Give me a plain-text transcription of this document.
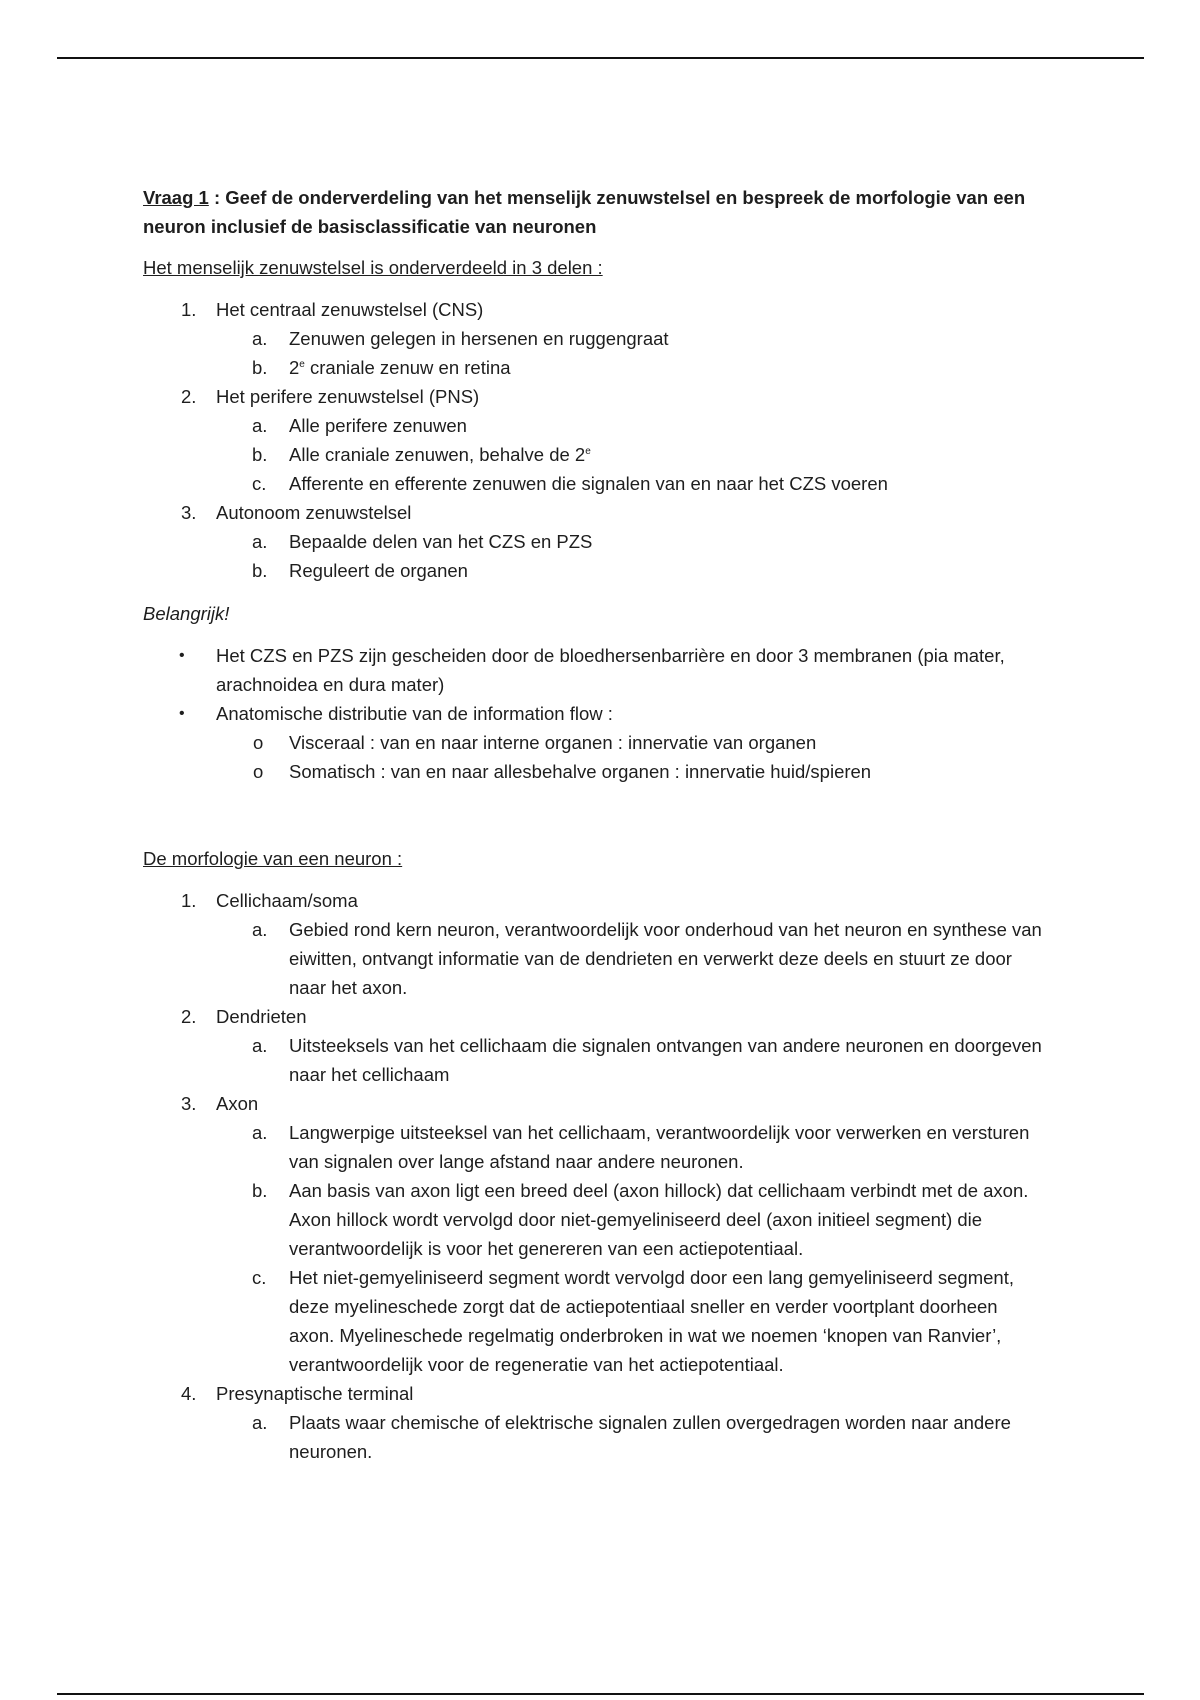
Vraag 1 : Geef de onderverdeling van het menselijk zenuwstelsel en bespreek de morfologie van een neuron inclusief de basisclassificatie van neuronen

Het menselijk zenuwstelsel is onderverdeeld in 3 delen :

1.	Het centraal zenuwstelsel (CNS)
a.	Zenuwen gelegen in hersenen en ruggengraat
b.	2e craniale zenuw en retina
2.	Het perifere zenuwstelsel (PNS)
a.	Alle perifere zenuwen
b.	Alle craniale zenuwen, behalve de 2e
c.	Afferente en efferente zenuwen die signalen van en naar het CZS voeren
3.	Autonoom zenuwstelsel
a.	Bepaalde delen van het CZS en PZS
b.	Reguleert de organen

Belangrijk!

• Het CZS en PZS zijn gescheiden door de bloedhersenbarrière en door 3 membranen (pia mater, arachnoidea en dura mater)
• Anatomische distributie van de information flow :
o Visceraal : van en naar interne organen : innervatie van organen
o Somatisch : van en naar allesbehalve organen : innervatie huid/spieren

De morfologie van een neuron :

1.	Cellichaam/soma
a.	Gebied rond kern neuron, verantwoordelijk voor onderhoud van het neuron en synthese van eiwitten, ontvangt informatie van de dendrieten en verwerkt deze deels en stuurt ze door naar het axon.
2.	Dendrieten
a.	Uitsteeksels van het cellichaam die signalen ontvangen van andere neuronen en doorgeven naar het cellichaam
3.	Axon
a.	Langwerpige uitsteeksel van het cellichaam, verantwoordelijk voor verwerken en versturen van signalen over lange afstand naar andere neuronen.
b.	Aan basis van axon ligt een breed deel (axon hillock) dat cellichaam verbindt met de axon. Axon hillock wordt vervolgd door niet-gemyeliniseerd deel (axon initieel segment) die verantwoordelijk is voor het genereren van een actiepotentiaal.
c.	Het niet-gemyeliniseerd segment wordt vervolgd door een lang gemyeliniseerd segment, deze myelineschede zorgt dat de actiepotentiaal sneller en verder voortplant doorheen axon. Myelineschede regelmatig onderbroken in wat we noemen ‘knopen van Ranvier’, verantwoordelijk voor de regeneratie van het actiepotentiaal.
4.	Presynaptische terminal
a.	Plaats waar chemische of elektrische signalen zullen overgedragen worden naar andere neuronen.
